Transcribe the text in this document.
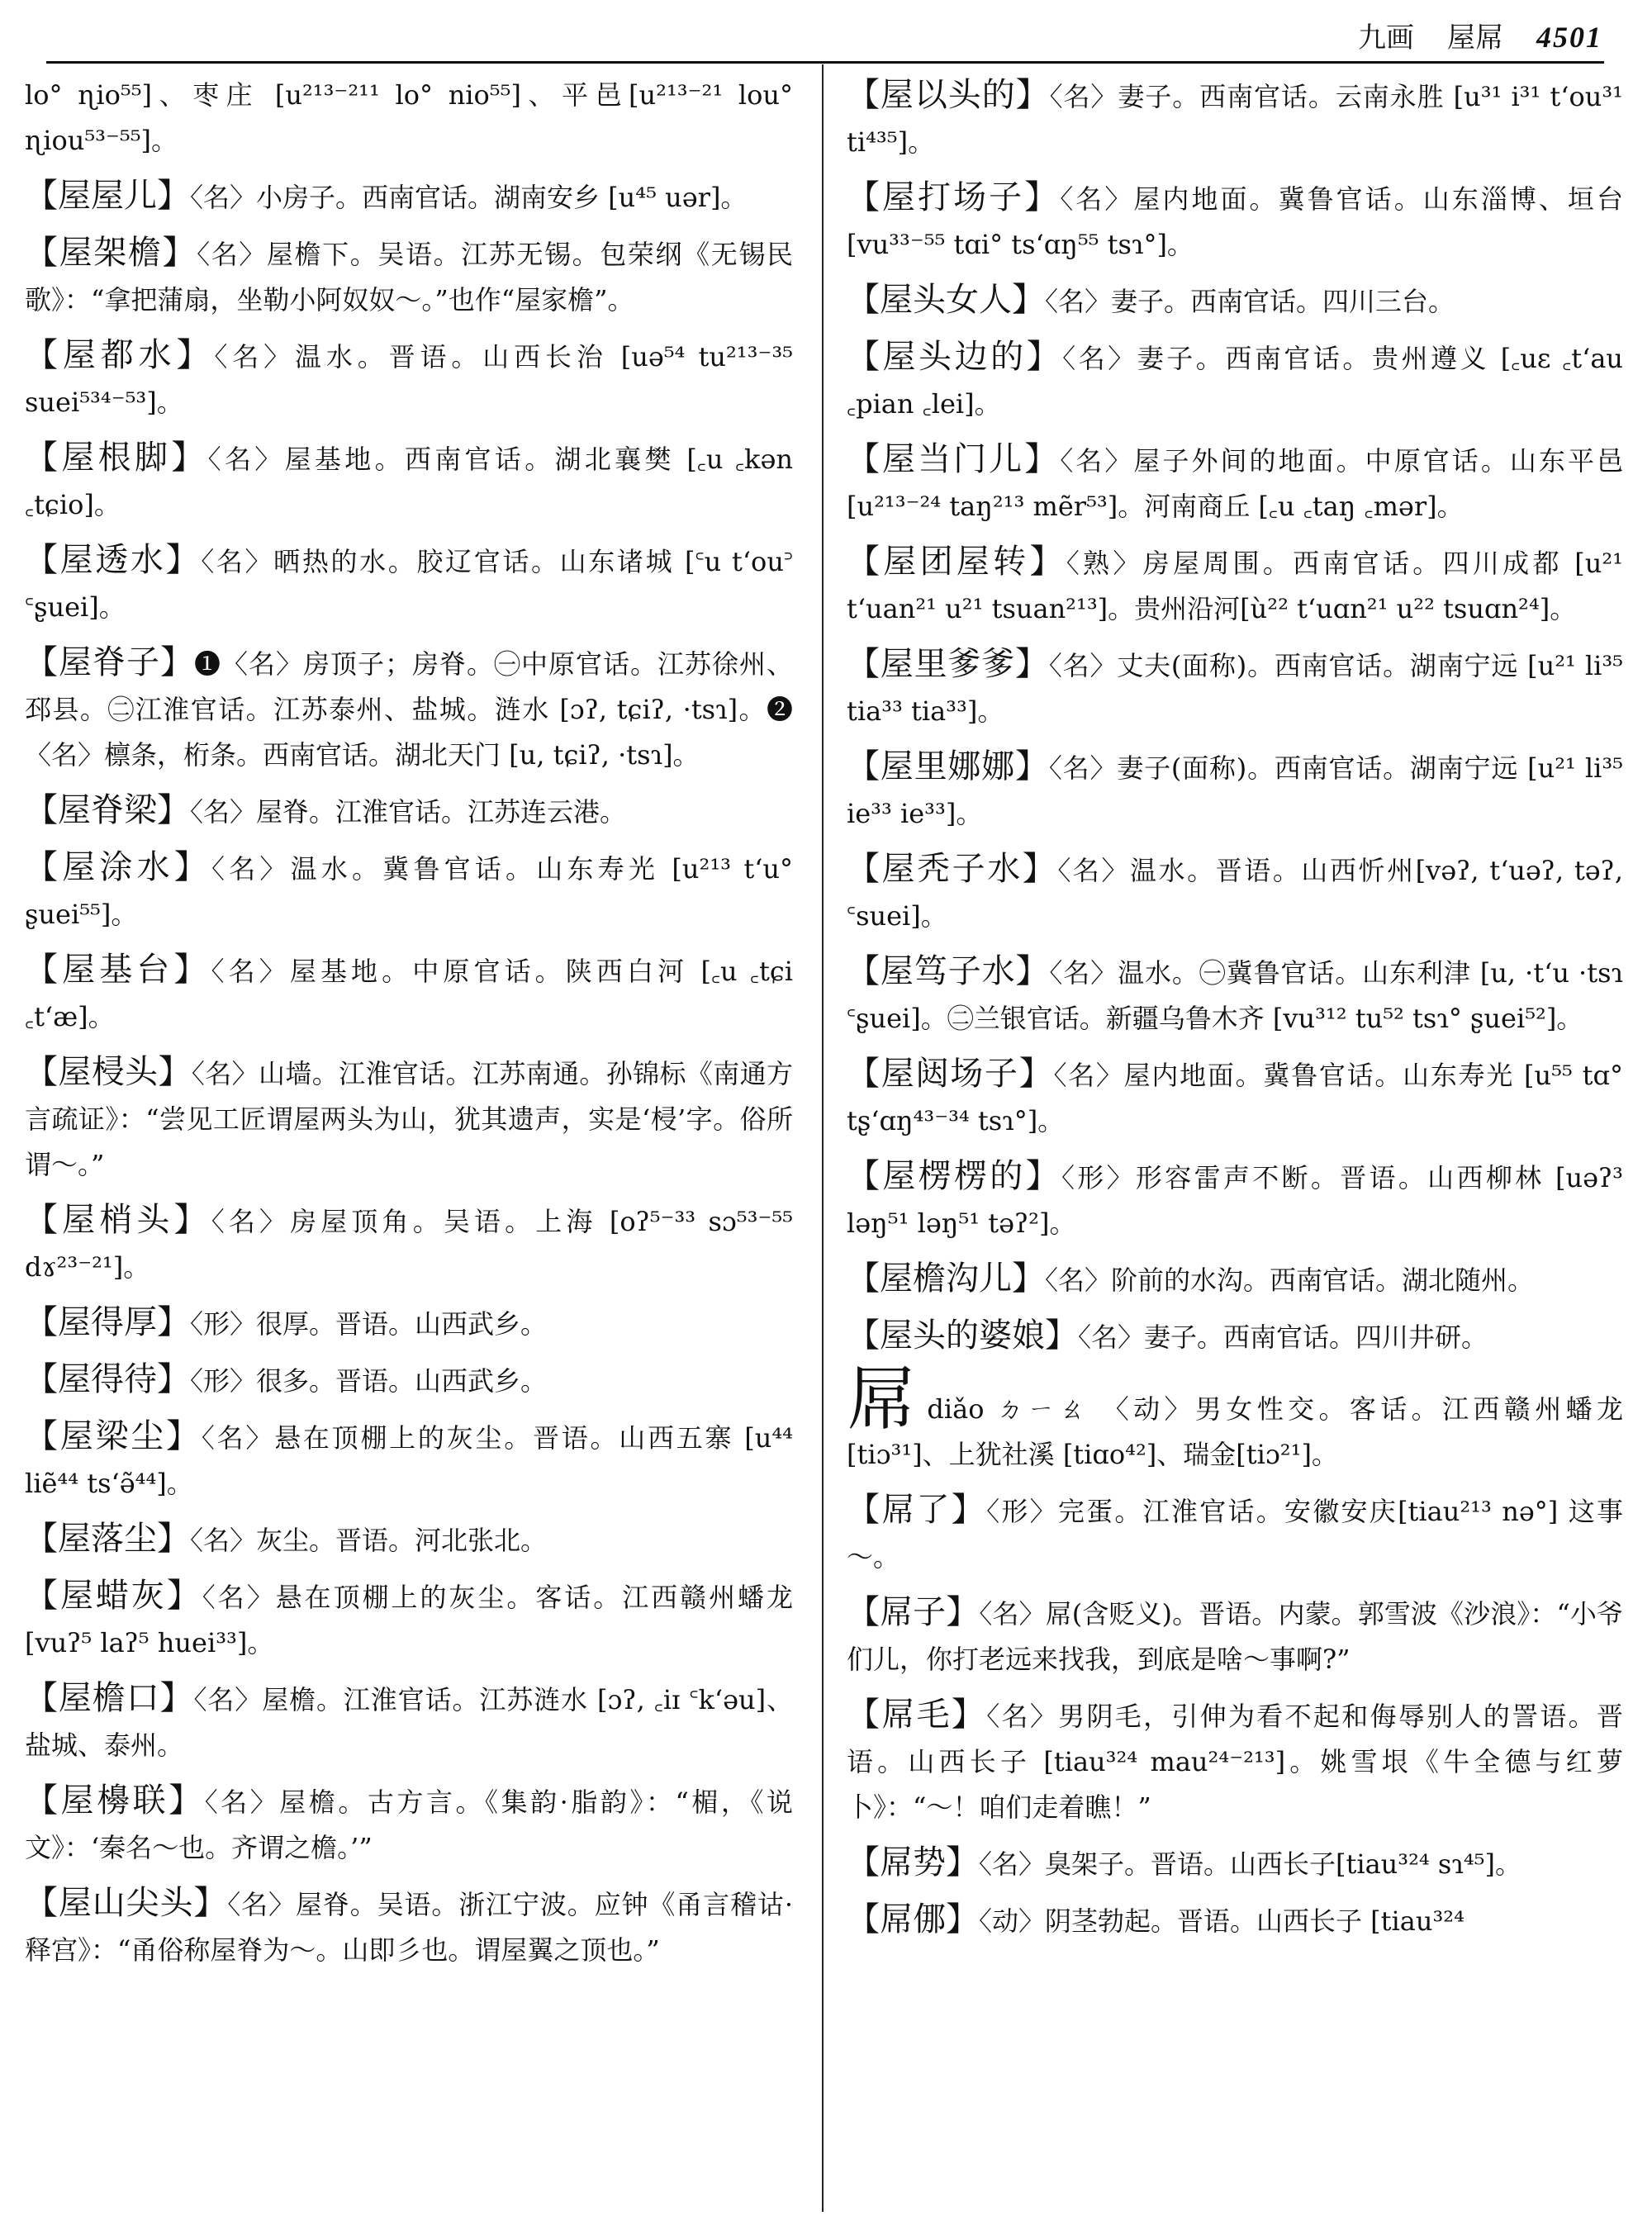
九画 屋屌 4501
lo° ɳio⁵⁵]、枣庄 [u²¹³⁻²¹¹ lo° nio⁵⁵]、平邑[u²¹³⁻²¹ lou° ɳiou⁵³⁻⁵⁵]。
【屋屋儿】〈名〉小房子。西南官话。湖南安乡 [u⁴⁵ uər]。
【屋架檐】〈名〉屋檐下。吴语。江苏无锡。包荣纲《无锡民歌》：“拿把蒲扇，坐勒小阿奴奴～。”也作“屋家檐”。
【屋都水】〈名〉温水。晋语。山西长治 [uə⁵⁴ tu²¹³⁻³⁵ suei⁵³⁴⁻⁵³]。
【屋根脚】〈名〉屋基地。西南官话。湖北襄樊 [꜀u ꜀kən ꜀tɕio]。
【屋透水】〈名〉晒热的水。胶辽官话。山东诸城 [꜂u t‘ou꜄ ꜂ʂuei]。
【屋脊子】❶〈名〉房顶子；房脊。㊀中原官话。江苏徐州、邳县。㊁江淮官话。江苏泰州、盐城。涟水 [ɔʔ, tɕiʔ, ·tsɿ]。❷〈名〉檩条，桁条。西南官话。湖北天门 [u, tɕiʔ, ·tsɿ]。
【屋脊梁】〈名〉屋脊。江淮官话。江苏连云港。
【屋涂水】〈名〉温水。冀鲁官话。山东寿光 [u²¹³ t‘u° ʂuei⁵⁵]。
【屋基台】〈名〉屋基地。中原官话。陕西白河 [꜀u ꜀tɕi ꜀t‘æ]。
【屋梫头】〈名〉山墙。江淮官话。江苏南通。孙锦标《南通方言疏证》：“尝见工匠谓屋两头为山，犹其遗声，实是‘梫’字。俗所谓～。”
【屋梢头】〈名〉房屋顶角。吴语。上海 [oʔ⁵⁻³³ sɔ⁵³⁻⁵⁵ dɤ²³⁻²¹]。
【屋得厚】〈形〉很厚。晋语。山西武乡。
【屋得待】〈形〉很多。晋语。山西武乡。
【屋梁尘】〈名〉悬在顶棚上的灰尘。晋语。山西五寨 [u⁴⁴ liẽ⁴⁴ ts‘ə̃⁴⁴]。
【屋落尘】〈名〉灰尘。晋语。河北张北。
【屋蜡灰】〈名〉悬在顶棚上的灰尘。客话。江西赣州蟠龙 [vuʔ⁵ laʔ⁵ huei³³]。
【屋檐口】〈名〉屋檐。江淮官话。江苏涟水 [ɔʔ, ꜀iɪ ꜂k‘əu]、盐城、泰州。
【屋櫋联】〈名〉屋檐。古方言。《集韵·脂韵》：“楣，《说文》：‘秦名～也。齐谓之檐。’”
【屋山尖头】〈名〉屋脊。吴语。浙江宁波。应钟《甬言稽诂·释宫》：“甬俗称屋脊为～。山即彡也。谓屋翼之顶也。”
【屋以头的】〈名〉妻子。西南官话。云南永胜 [u³¹ i³¹ t‘ou³¹ ti⁴³⁵]。
【屋打场子】〈名〉屋内地面。冀鲁官话。山东淄博、垣台 [vu³³⁻⁵⁵ tɑi° ts‘ɑŋ⁵⁵ tsɿ°]。
【屋头女人】〈名〉妻子。西南官话。四川三台。
【屋头边的】〈名〉妻子。西南官话。贵州遵义 [꜀uɛ ꜀t‘au ꜀pian ꜀lei]。
【屋当门儿】〈名〉屋子外间的地面。中原官话。山东平邑 [u²¹³⁻²⁴ taŋ²¹³ mẽr⁵³]。河南商丘 [꜀u ꜀taŋ ꜀mər]。
【屋团屋转】〈熟〉房屋周围。西南官话。四川成都 [u²¹ t‘uan²¹ u²¹ tsuan²¹³]。贵州沿河[ù²² t‘uɑn²¹ u²² tsuɑn²⁴]。
【屋里爹爹】〈名〉丈夫(面称)。西南官话。湖南宁远 [u²¹ li³⁵ tia³³ tia³³]。
【屋里娜娜】〈名〉妻子(面称)。西南官话。湖南宁远 [u²¹ li³⁵ ie³³ ie³³]。
【屋秃子水】〈名〉温水。晋语。山西忻州[vəʔ, t‘uəʔ, təʔ, ꜂suei]。
【屋笃子水】〈名〉温水。㊀冀鲁官话。山东利津 [u, ·t‘u ·tsɿ ꜂ʂuei]。㊁兰银官话。新疆乌鲁木齐 [vu³¹² tu⁵² tsɿ° ʂuei⁵²]。
【屋闼场子】〈名〉屋内地面。冀鲁官话。山东寿光 [u⁵⁵ tɑ° tʂ‘ɑŋ⁴³⁻³⁴ tsɿ°]。
【屋楞楞的】〈形〉形容雷声不断。晋语。山西柳林 [uəʔ³ ləŋ⁵¹ ləŋ⁵¹ təʔ²]。
【屋檐沟儿】〈名〉阶前的水沟。西南官话。湖北随州。
【屋头的婆娘】〈名〉妻子。西南官话。四川井研。
屌diǎo ㄉㄧㄠ 〈动〉男女性交。客话。江西赣州蟠龙 [tiɔ³¹]、上犹社溪 [tiɑo⁴²]、瑞金[tiɔ²¹]。
【屌了】〈形〉完蛋。江淮官话。安徽安庆[tiau²¹³ nə°] 这事～。
【屌子】〈名〉屌(含贬义)。晋语。内蒙。郭雪波《沙浪》：“小爷们儿，你打老远来找我，到底是啥～事啊?”
【屌毛】〈名〉男阴毛，引伸为看不起和侮辱别人的詈语。晋语。山西长子 [tiau³²⁴ mau²⁴⁻²¹³]。姚雪垠《牛全德与红萝卜》：“～！咱们走着瞧！”
【屌势】〈名〉臭架子。晋语。山西长子[tiau³²⁴ sɿ⁴⁵]。
【屌㑚】〈动〉阴茎勃起。晋语。山西长子 [tiau³²⁴
